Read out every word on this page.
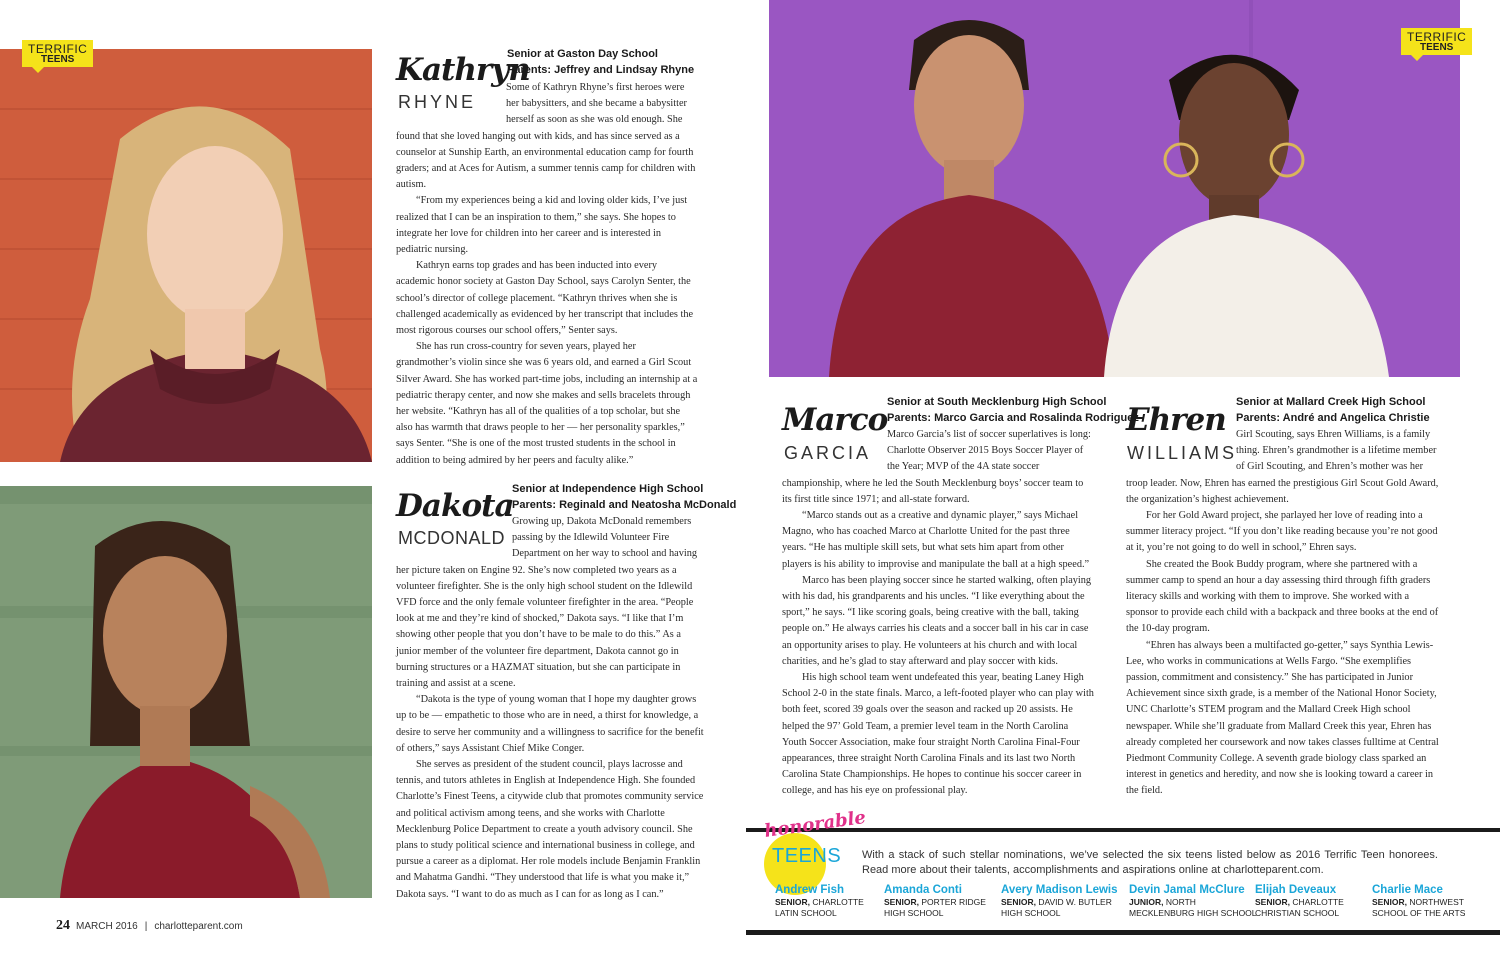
TERRIFIC
TEENS
TERRIFIC
TEENS
Kathryn
RHYNE
Senior at Gaston Day School
Parents: Jeffrey and Lindsay Rhyne

Some of Kathryn Rhyne’s first heroes were her babysitters, and she became a babysitter herself as soon as she was old enough. She found that she loved hanging out with kids, and has since served as a counselor at Sunship Earth, an environmental education camp for fourth graders; and at Aces for Autism, a summer tennis camp for children with autism.

“From my experiences being a kid and loving older kids, I’ve just realized that I can be an inspiration to them,” she says. She hopes to integrate her love for children into her career and is interested in pediatric nursing.

Kathryn earns top grades and has been inducted into every academic honor society at Gaston Day School, says Carolyn Senter, the school’s director of college placement. “Kathryn thrives when she is challenged academically as evidenced by her transcript that includes the most rigorous courses our school offers,” Senter says.

She has run cross-country for seven years, played her grandmother’s violin since she was 6 years old, and earned a Girl Scout Silver Award. She has worked part-time jobs, including an internship at a pediatric therapy center, and now she makes and sells bracelets through her website. “Kathryn has all of the qualities of a top scholar, but she also has warmth that draws people to her — her personality sparkles,” says Senter. “She is one of the most trusted students in the school in addition to being admired by her peers and faculty alike.”

Dakota
MCDONALD
Senior at Independence High School
Parents: Reginald and Neatosha McDonald

Growing up, Dakota McDonald remembers passing by the Idlewild Volunteer Fire Department on her way to school and having her picture taken on Engine 92. She’s now completed two years as a volunteer firefighter. She is the only high school student on the Idlewild VFD force and the only female volunteer firefighter in the area. “People look at me and they’re kind of shocked,” Dakota says. “I like that I’m showing other people that you don’t have to be male to do this.” As a junior member of the volunteer fire department, Dakota cannot go in burning structures or a HAZMAT situation, but she can participate in training and assist at a scene.

“Dakota is the type of young woman that I hope my daughter grows up to be — empathetic to those who are in need, a thirst for knowledge, a desire to serve her community and a willingness to sacrifice for the benefit of others,” says Assistant Chief Mike Conger.

She serves as president of the student council, plays lacrosse and tennis, and tutors athletes in English at Independence High. She founded Charlotte’s Finest Teens, a citywide club that promotes community service and political activism among teens, and she works with Charlotte Mecklenburg Police Department to create a youth advisory council. She plans to study political science and international business in college, and pursue a career as a diplomat. Her role models include Benjamin Franklin and Mahatma Gandhi. “They understood that life is what you make it,” Dakota says. “I want to do as much as I can for as long as I can.”

Marco
GARCIA
Senior at South Mecklenburg High School
Parents: Marco Garcia and Rosalinda Rodriguez

Marco Garcia’s list of soccer superlatives is long: Charlotte Observer 2015 Boys Soccer Player of the Year; MVP of the 4A state soccer championship, where he led the South Mecklenburg boys’ soccer team to its first title since 1971; and all-state forward.

“Marco stands out as a creative and dynamic player,” says Michael Magno, who has coached Marco at Charlotte United for the past three years. “He has multiple skill sets, but what sets him apart from other players is his ability to improvise and manipulate the ball at a high speed.”

Marco has been playing soccer since he started walking, often playing with his dad, his grandparents and his uncles. “I like everything about the sport,” he says. “I like scoring goals, being creative with the ball, taking people on.” He always carries his cleats and a soccer ball in his car in case an opportunity arises to play. He volunteers at his church and with local charities, and he’s glad to stay afterward and play soccer with kids.

His high school team went undefeated this year, beating Laney High School 2-0 in the state finals. Marco, a left-footed player who can play with both feet, scored 39 goals over the season and racked up 20 assists. He helped the 97’ Gold Team, a premier level team in the North Carolina Youth Soccer Association, make four straight North Carolina Final-Four appearances, three straight North Carolina Finals and its last two North Carolina State Championships. He hopes to continue his soccer career in college, and has his eye on professional play.

Ehren
WILLIAMS
Senior at Mallard Creek High School
Parents: André and Angelica Christie

Girl Scouting, says Ehren Williams, is a family thing. Ehren’s grandmother is a lifetime member of Girl Scouting, and Ehren’s mother was her troop leader. Now, Ehren has earned the prestigious Girl Scout Gold Award, the organization’s highest achievement.

For her Gold Award project, she parlayed her love of reading into a summer literacy project. “If you don’t like reading because you’re not good at it, you’re not going to do well in school,” Ehren says.

She created the Book Buddy program, where she partnered with a summer camp to spend an hour a day assessing third through fifth graders literacy skills and working with them to improve. She worked with a sponsor to provide each child with a backpack and three books at the end of the 10-day program.

“Ehren has always been a multifacted go-getter,” says Synthia Lewis-Lee, who works in communications at Wells Fargo. “She exemplifies passion, commitment and consistency.” She has participated in Junior Achievement since sixth grade, is a member of the National Honor Society, UNC Charlotte’s STEM program and the Mallard Creek High school newspaper. While she’ll graduate from Mallard Creek this year, Ehren has already completed her coursework and now takes classes fulltime at Central Piedmont Community College. A seventh grade biology class sparked an interest in genetics and heredity, and now she is looking toward a career in the field.

24 MARCH 2016 | charlotteparent.com
honorable
TEENS With a stack of such stellar nominations, we’ve selected the six teens listed below as 2016 Terrific Teen honorees. Read more about their talents, accomplishments and aspirations online at charlotteparent.com.
Andrew Fish
SENIOR, CHARLOTTE
LATIN SCHOOL
Amanda Conti
SENIOR, PORTER RIDGE
HIGH SCHOOL
Avery Madison Lewis
SENIOR, DAVID W. BUTLER
HIGH SCHOOL
Devin Jamal McClure
JUNIOR, NORTH
MECKLENBURG HIGH SCHOOL
Elijah Deveaux
SENIOR, CHARLOTTE
CHRISTIAN SCHOOL
Charlie Mace
SENIOR, NORTHWEST
SCHOOL OF THE ARTS
